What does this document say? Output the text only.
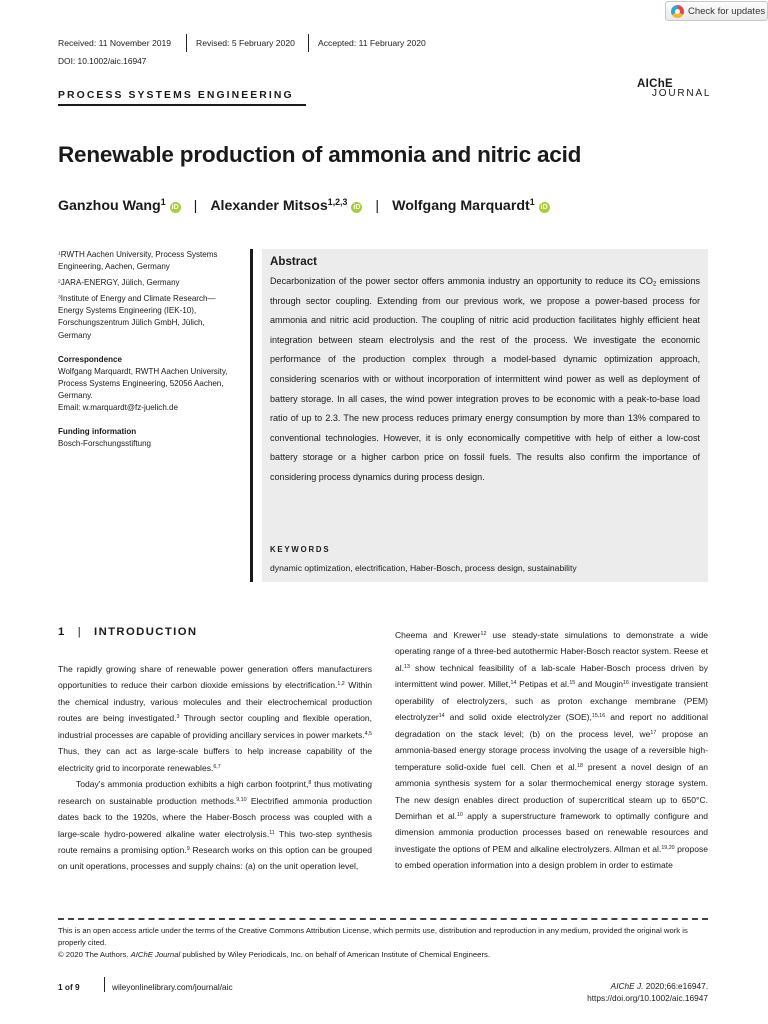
Check for updates
Received: 11 November 2019	Revised: 5 February 2020	Accepted: 11 February 2020
DOI: 10.1002/aic.16947
PROCESS SYSTEMS ENGINEERING
AIChE
JOURNAL
Renewable production of ammonia and nitric acid
Ganzhou Wang$^1$
iD | Alexander Mitsos$^{1,2,3}$
iD | Wolfgang Marquardt$^1$
iD

$^1$RWTH Aachen University, Process Systems Engineering, Aachen, Germany

$^2$JARA-ENERGY, Jülich, Germany

$^3$Institute of Energy and Climate Research—Energy Systems Engineering (IEK-10), Forschungszentrum Jülich GmbH, Jülich, Germany

Correspondence

Wolfgang Marquardt, RWTH Aachen University, Process Systems Engineering, 52056 Aachen, Germany.

Email: w.marquardt@fz-juelich.de

Funding information

Bosch-Forschungsstiftung

Abstract
Decarbonization of the power sector offers ammonia industry an opportunity to reduce its $CO_2$ emissions through sector coupling. Extending from our previous work, we propose a power-based process for ammonia and nitric acid production. The coupling of nitric acid production facilitates highly efficient heat integration between steam electrolysis and the rest of the process. We investigate the economic performance of the production complex through a model-based dynamic optimization approach, considering scenarios with or without incorporation of intermittent wind power as well as deployment of battery storage. In all cases, the wind power integration proves to be economic with a peak-to-base load ratio of up to 2.3. The new process reduces primary energy consumption by more than 13% compared to conventional technologies. However, it is only economically competitive with help of either a low-cost battery storage or a higher carbon price on fossil fuels. The results also confirm the importance of considering process dynamics during process design.
KEYWORDS
dynamic optimization, electrification, Haber-Bosch, process design, sustainability
1 | INTRODUCTION

The rapidly growing share of renewable power generation offers manufacturers opportunities to reduce their carbon dioxide emissions by electrification.$^{1,2}$ Within the chemical industry, various molecules and their electrochemical production routes are being investigated.$^3$ Through sector coupling and flexible operation, industrial processes are capable of providing ancillary services in power markets.$^{4,5}$ Thus, they can act as large-scale buffers to help increase capability of the electricity grid to incorporate renewables.$^{6,7}$

Today's ammonia production exhibits a high carbon footprint,$^8$ thus motivating research on sustainable production methods.$^{9,10}$ Electrified ammonia production dates back to the 1920s, where the Haber-Bosch process was coupled with a large-scale hydro-powered alkaline water electrolysis.$^{11}$ This two-step synthesis route remains a promising option.$^9$ Research works on this option can be grouped on unit operations, processes and supply chains: (a) on the unit operation level,

Cheema and Krewer$^{12}$ use steady-state simulations to demonstrate a wide operating range of a three-bed autothermic Haber-Bosch reactor system. Reese et al.$^{13}$ show technical feasibility of a lab-scale Haber-Bosch process driven by intermittent wind power. Millet,$^{14}$ Petipas et al.$^{15}$ and Mougin$^{16}$ investigate transient operability of electrolyzers, such as proton exchange membrane (PEM) electrolyzer$^{14}$ and solid oxide electrolyzer (SOE),$^{15,16}$ and report no additional degradation on the stack level; (b) on the process level, $we^{17}$ propose an ammonia-based energy storage process involving the usage of a reversible high-temperature solid-oxide fuel cell. Chen et al.$^{18}$ present a novel design of an ammonia synthesis system for a solar thermochemical energy storage system. The new design enables direct production of supercritical steam up to 650°C. Demirhan et al.$^{10}$ apply a superstructure framework to optimally configure and dimension ammonia production processes based on renewable resources and investigate the options of PEM and alkaline electrolyzers. Allman et al.$^{19,20}$ propose to embed operation information into a design problem in order to estimate

This is an open access article under the terms of the Creative Commons Attribution License, which permits use, distribution and reproduction in any medium, provided the original work is properly cited.

© 2020 The Authors. AIChE Journal published by Wiley Periodicals, Inc. on behalf of American Institute of Chemical Engineers.

1 of 9	wileyonlinelibrary.com/journal/aic	AIChE J. 2020;66:e16947.
https://doi.org/10.1002/aic.16947
